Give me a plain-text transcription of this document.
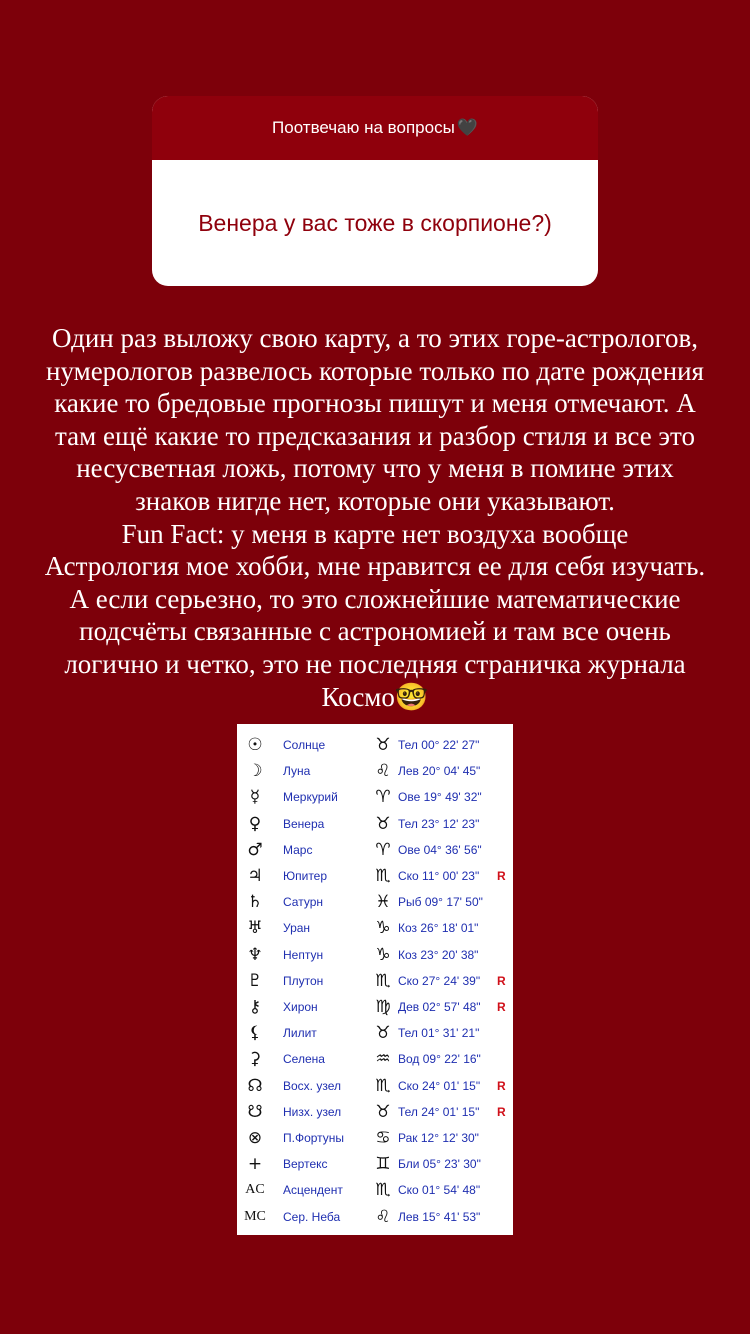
Поотвечаю на вопросы 🖤
Венера у вас тоже в скорпионе?)
Один раз выложу свою карту, а то этих горе-астрологов,
нумерологов развелось которые только по дате рождения
какие то бредовые прогнозы пишут и меня отмечают. А
там ещё какие то предсказания и разбор стиля и все это
несусветная ложь, потому что у меня в помине этих
знаков нигде нет, которые они указывают.
Fun Fact: у меня в карте нет воздуха вообще
Астрология мое хобби, мне нравится ее для себя изучать.
А если серьезно, то это сложнейшие математические
подсчёты связанные с астрономией и там все очень
логично и четко, это не последняя страничка журнала
Космо🤓
☉	Солнце	♉ Тел 00° 22' 27"
☽	Луна	♌ Лев 20° 04' 45"
☿	Меркурий ♈ Ове 19° 49' 32"
♀	Венера	♉ Тел 23° 12' 23"
♂	Марс	♈ Ове 04° 36' 56"
♃	Юпитер	♏ Ско 11° 00' 23" R
♄	Сатурн	♓ Рыб 09° 17' 50"
♅	Уран	♑ Коз 26° 18' 01"
♆	Нептун	♑ Коз 23° 20' 38"
♇	Плутон	♏ Ско 27° 24' 39" R
⚷	Хирон	♍ Дев 02° 57' 48" R
⚸	Лилит	♉ Тел 01° 31' 21"
⚳	Селена	♒ Вод 09° 22' 16"
☊	Восх. узел ♏ Ско 24° 01' 15" R
☋	Низх. узел ♉ Тел 24° 01' 15" R
⊗	П.Фортуны ♋ Рак 12° 12' 30"
+	Вертекс	♊ Бли 05° 23' 30"
AC Асцендент ♏ Ско 01° 54' 48"
MC Сер. Неба ♌ Лев 15° 41' 53"
